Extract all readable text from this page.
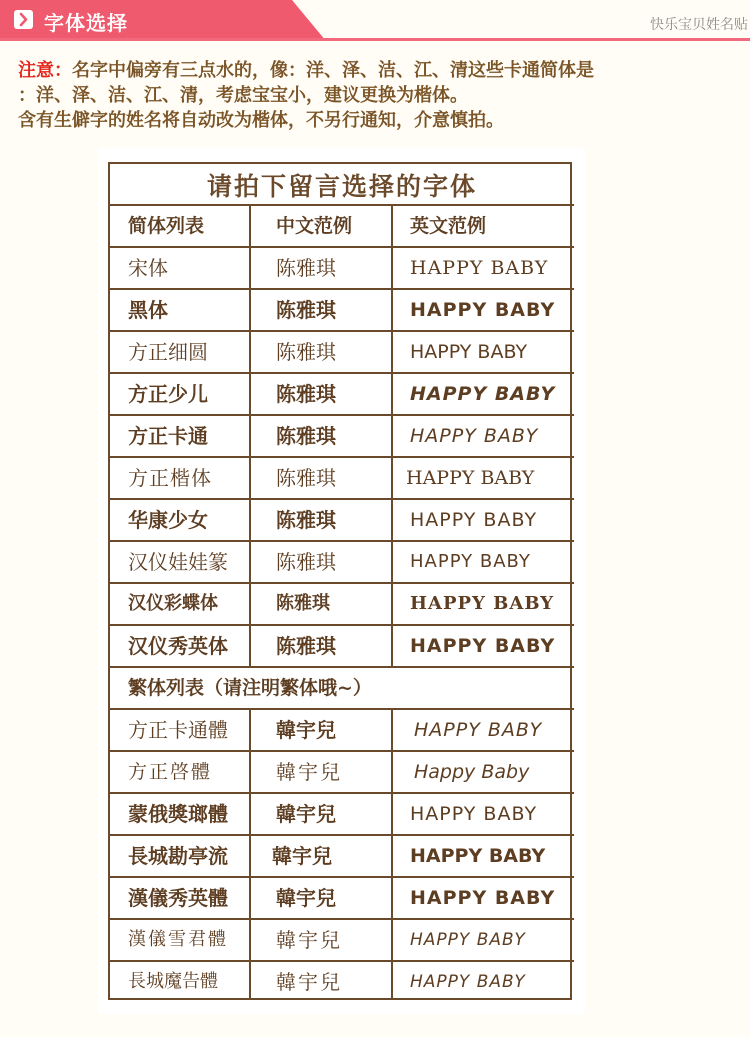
字体选择	快乐宝贝姓名贴
注意：名字中偏旁有三点水的，像：洋、泽、洁、江、清这些卡通简体是
：洋、泽、洁、江、清，考虑宝宝小，建议更换为楷体。
含有生僻字的姓名将自动改为楷体，不另行通知，介意慎拍。
请拍下留言选择的字体
简体列表	中文范例	英文范例
宋体	陈雅琪	HAPPY BABY
黑体	陈雅琪	HAPPY BABY
方正细圆	陈雅琪	HAPPY BABY
方正少儿	陈雅琪	HAPPY BABY
方正卡通	陈雅琪	HAPPY BABY
方正楷体	陈雅琪	HAPPY BABY
华康少女	陈雅琪	HAPPY BABY
汉仪娃娃篆 陈雅琪	HAPPY BABY
汉仪彩蝶体	陈雅琪	HAPPY BABY
汉仪秀英体 陈雅琪	HAPPY BABY
繁体列表（请注明繁体哦~）
方正卡通體 韓宇兒	HAPPY BABY
方正啓體	韓宇兒	Happy Baby
蒙俄獎瑯體 韓宇兒	HAPPY BABY
長城勘亭流 韓宇兒	HAPPY BABY
漢儀秀英體 韓宇兒	HAPPY BABY
漢儀雪君體 韓宇兒	HAPPY BABY
長城魔告體	韓宇兒	HAPPY BABY
